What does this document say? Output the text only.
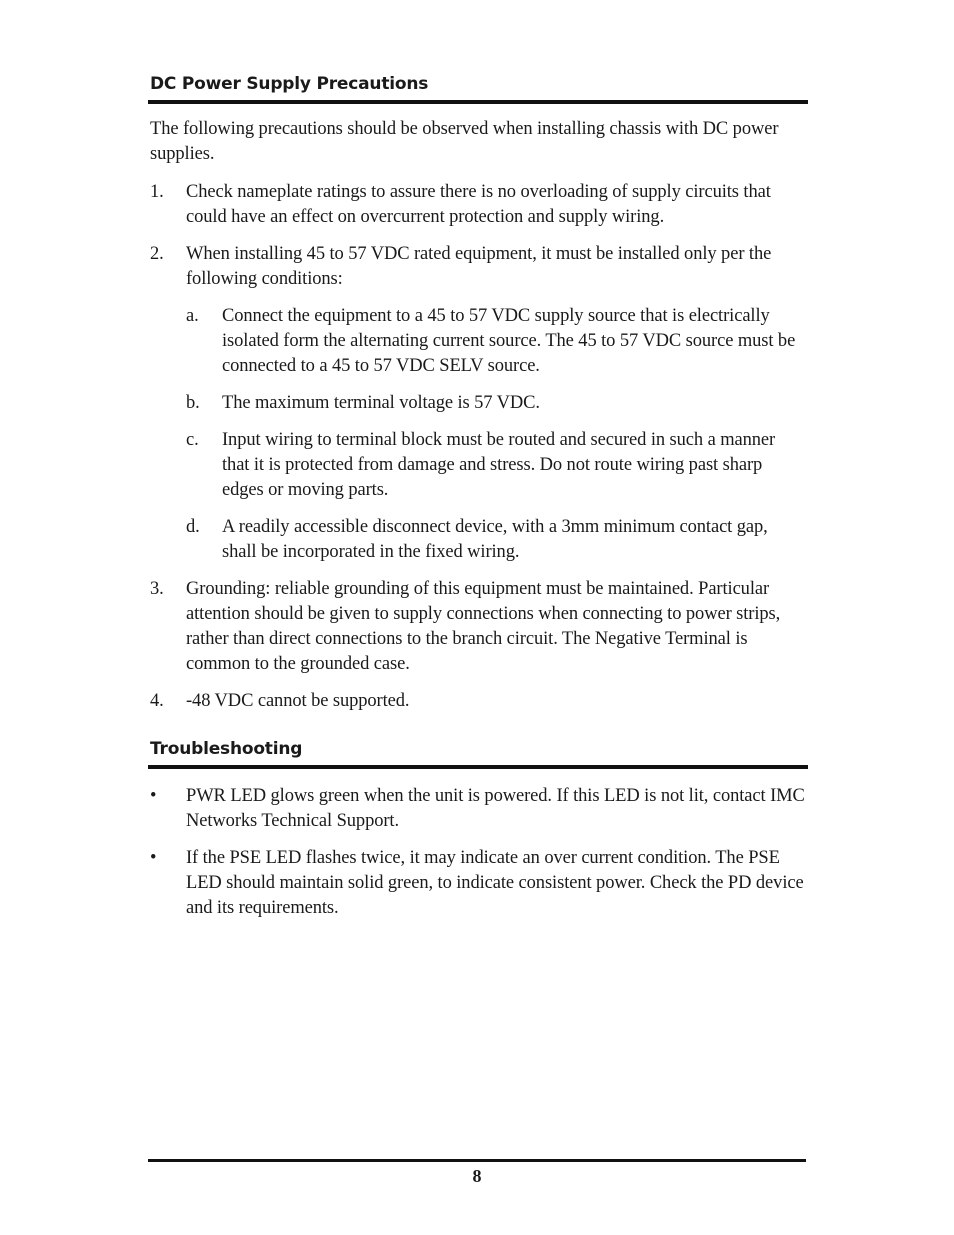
DC Power Supply Precautions

The following precautions should be observed when installing chassis with DC power supplies.

1. Check nameplate ratings to assure there is no overloading of supply circuits that could have an effect on overcurrent protection and supply wiring.
2. When installing 45 to 57 VDC rated equipment, it must be installed only per the following conditions:
a. Connect the equipment to a 45 to 57 VDC supply source that is electrically isolated form the alternating current source. The 45 to 57 VDC source must be connected to a 45 to 57 VDC SELV source.
b. The maximum terminal voltage is 57 VDC.
c. Input wiring to terminal block must be routed and secured in such a manner that it is protected from damage and stress. Do not route wiring past sharp edges or moving parts.
d. A readily accessible disconnect device, with a 3mm minimum contact gap, shall be incorporated in the fixed wiring.
3. Grounding: reliable grounding of this equipment must be maintained. Particular attention should be given to supply connections when connecting to power strips, rather than direct connections to the branch circuit. The Negative Terminal is common to the grounded case.
4. -48 VDC cannot be supported.
Troubleshooting
• PWR LED glows green when the unit is powered. If this LED is not lit, contact IMC Networks Technical Support.
• If the PSE LED flashes twice, it may indicate an over current condition. The PSE LED should maintain solid green, to indicate consistent power. Check the PD device and its requirements.
8
